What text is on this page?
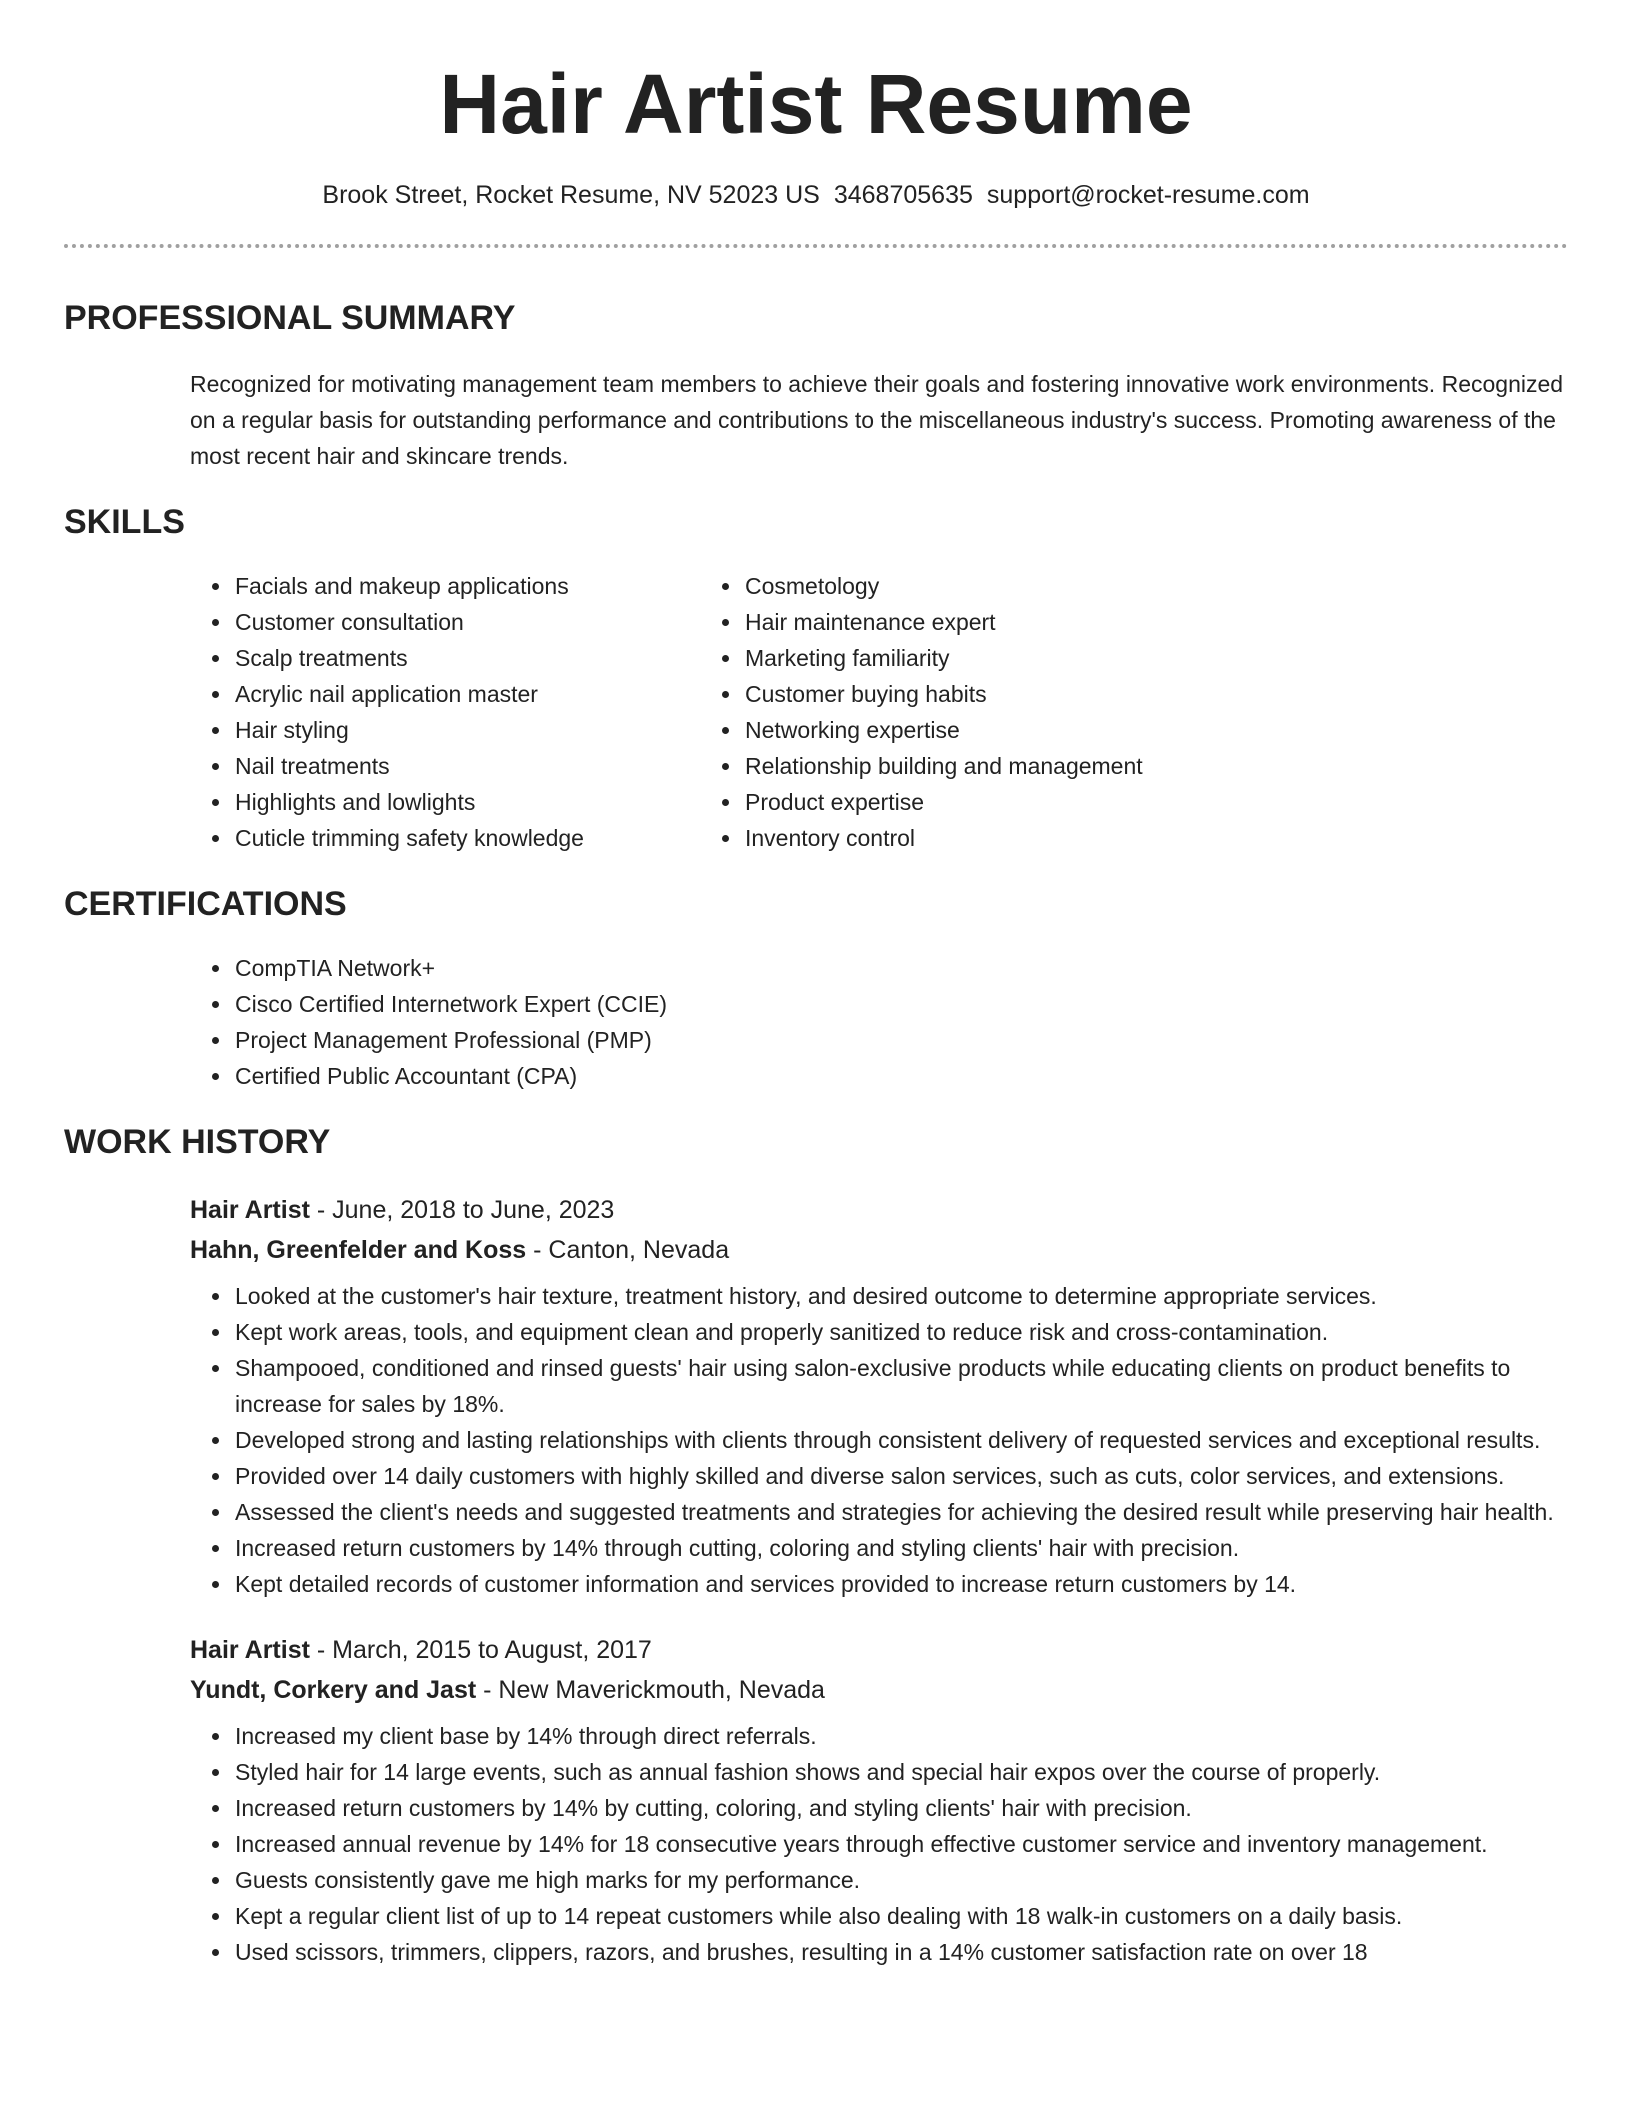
Hair Artist Resume
Brook Street, Rocket Resume, NV 52023 US 3468705635 support@rocket-resume.com
PROFESSIONAL SUMMARY

Recognized for motivating management team members to achieve their goals and fostering innovative work environments. Recognized on a regular basis for outstanding performance and contributions to the miscellaneous industry's success. Promoting awareness of the most recent hair and skincare trends.

SKILLS
• Facials and makeup applications
• Customer consultation
• Scalp treatments
• Acrylic nail application master
• Hair styling
• Nail treatments
• Highlights and lowlights
• Cuticle trimming safety knowledge
• Cosmetology
• Hair maintenance expert
• Marketing familiarity
• Customer buying habits
• Networking expertise
• Relationship building and management
• Product expertise
• Inventory control
CERTIFICATIONS
• CompTIA Network+
• Cisco Certified Internetwork Expert (CCIE)
• Project Management Professional (PMP)
• Certified Public Accountant (CPA)
WORK HISTORY
Hair Artist - June, 2018 to June, 2023
Hahn, Greenfelder and Koss - Canton, Nevada
• Looked at the customer's hair texture, treatment history, and desired outcome to determine appropriate services.
• Kept work areas, tools, and equipment clean and properly sanitized to reduce risk and cross-contamination.
• Shampooed, conditioned and rinsed guests' hair using salon-exclusive products while educating clients on product benefits to increase for sales by 18%.
• Developed strong and lasting relationships with clients through consistent delivery of requested services and exceptional results.
• Provided over 14 daily customers with highly skilled and diverse salon services, such as cuts, color services, and extensions.
• Assessed the client's needs and suggested treatments and strategies for achieving the desired result while preserving hair health.
• Increased return customers by 14% through cutting, coloring and styling clients' hair with precision.
• Kept detailed records of customer information and services provided to increase return customers by 14.
Hair Artist - March, 2015 to August, 2017
Yundt, Corkery and Jast - New Maverickmouth, Nevada
• Increased my client base by 14% through direct referrals.
• Styled hair for 14 large events, such as annual fashion shows and special hair expos over the course of properly.
• Increased return customers by 14% by cutting, coloring, and styling clients' hair with precision.
• Increased annual revenue by 14% for 18 consecutive years through effective customer service and inventory management.
• Guests consistently gave me high marks for my performance.
• Kept a regular client list of up to 14 repeat customers while also dealing with 18 walk-in customers on a daily basis.
• Used scissors, trimmers, clippers, razors, and brushes, resulting in a 14% customer satisfaction rate on over 18
